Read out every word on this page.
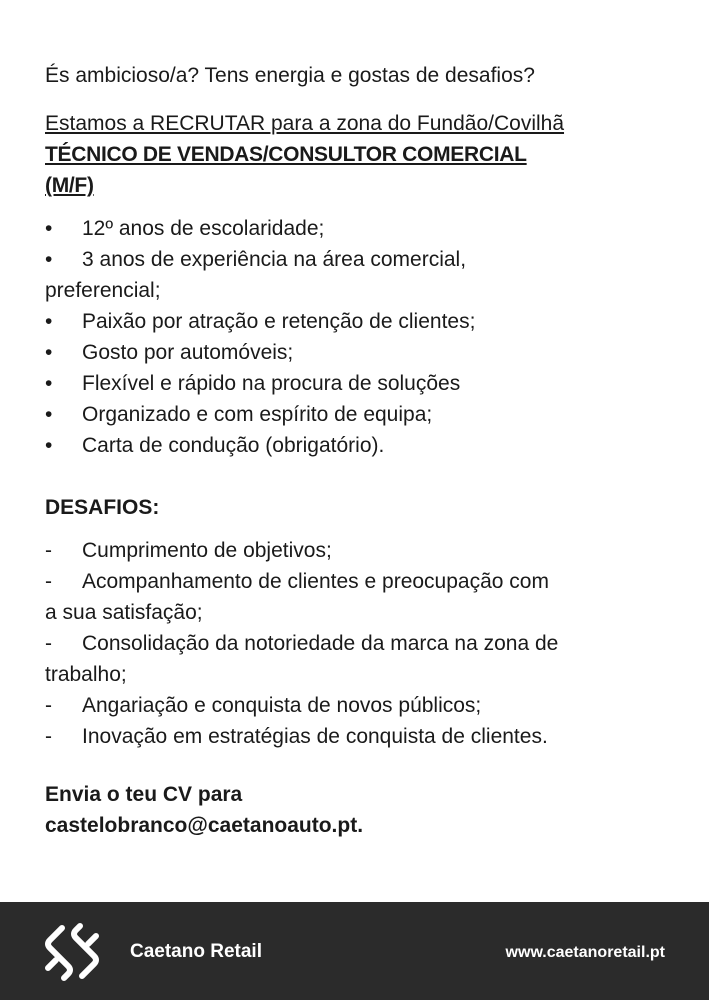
És ambicioso/a? Tens energia e gostas de desafios?

Estamos a RECRUTAR para a zona do Fundão/Covilhã

TÉCNICO DE VENDAS/CONSULTOR COMERCIAL
(M/F)

• 12º anos de escolaridade;
• 3 anos de experiência na área comercial,
preferencial;
• Paixão por atração e retenção de clientes;
• Gosto por automóveis;
• Flexível e rápido na procura de soluções
• Organizado e com espírito de equipa;
• Carta de condução (obrigatório).

DESAFIOS:

- Cumprimento de objetivos;
- Acompanhamento de clientes e preocupação com
a sua satisfação;
- Consolidação da notoriedade da marca na zona de
trabalho;
- Angariação e conquista de novos públicos;
- Inovação em estratégias de conquista de clientes.

Envia o teu CV para
castelobranco@caetanoauto.pt.

Caetano Retail	www.caetanoretail.pt
